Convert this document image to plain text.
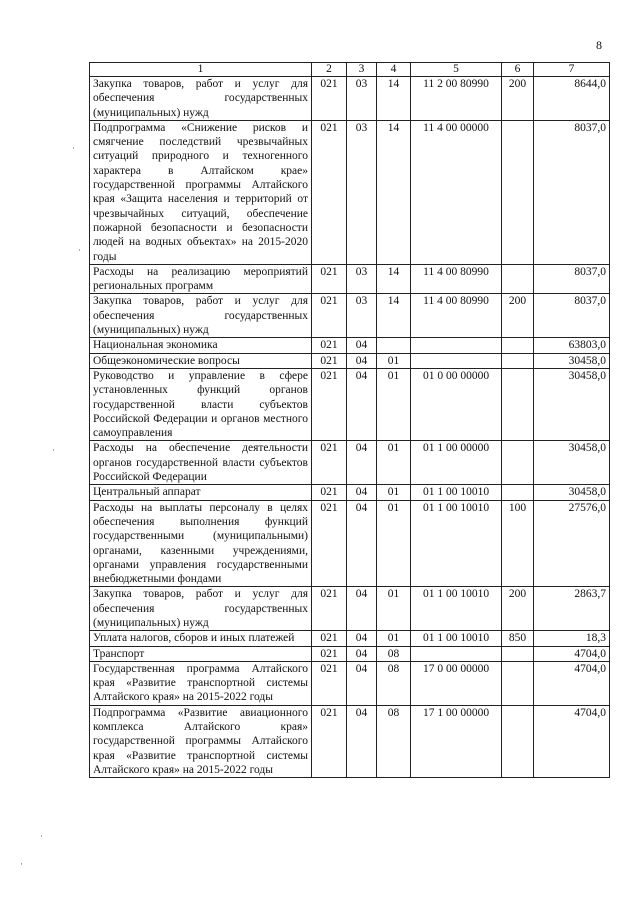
8
·
·
·
·
·
1	2	3	4	5	6	7
Закупка товаров, работ и услуг для обеспечения государственных (муниципальных) нужд	021	03	14	11 2 00 80990	200	8644,0
Подпрограмма «Снижение рисков и смягчение последствий чрезвычайных ситуаций природного и техногенного характера в Алтайском крае» государственной программы Алтайского края «Защита населения и территорий от чрезвычайных ситуаций, обеспечение пожарной безопасности и безопасности людей на водных объектах» на 2015-2020 годы	021	03	14	11 4 00 00000		8037,0
Расходы на реализацию мероприятий региональных программ	021	03	14	11 4 00 80990		8037,0
Закупка товаров, работ и услуг для обеспечения государственных (муниципальных) нужд	021	03	14	11 4 00 80990	200	8037,0
Национальная экономика	021	04				63803,0
Общеэкономические вопросы	021	04	01			30458,0
Руководство и управление в сфере установленных функций органов государственной власти субъектов Российской Федерации и органов местного самоуправления	021	04	01	01 0 00 00000		30458,0
Расходы на обеспечение деятельности органов государственной власти субъектов Российской Федерации	021	04	01	01 1 00 00000		30458,0
Центральный аппарат	021	04	01	01 1 00 10010		30458,0
Расходы на выплаты персоналу в целях обеспечения выполнения функций государственными (муниципальными) органами, казенными учреждениями, органами управления государственными внебюджетными фондами	021	04	01	01 1 00 10010	100	27576,0
Закупка товаров, работ и услуг для обеспечения государственных (муниципальных) нужд	021	04	01	01 1 00 10010	200	2863,7
Уплата налогов, сборов и иных платежей	021	04	01	01 1 00 10010	850	18,3
Транспорт	021	04	08			4704,0
Государственная программа Алтайского края «Развитие транспортной системы Алтайского края» на 2015-2022 годы	021	04	08	17 0 00 00000		4704,0
Подпрограмма «Развитие авиационного комплекса Алтайского края» государственной программы Алтайского края «Развитие транспортной системы Алтайского края» на 2015-2022 годы	021	04	08	17 1 00 00000		4704,0
